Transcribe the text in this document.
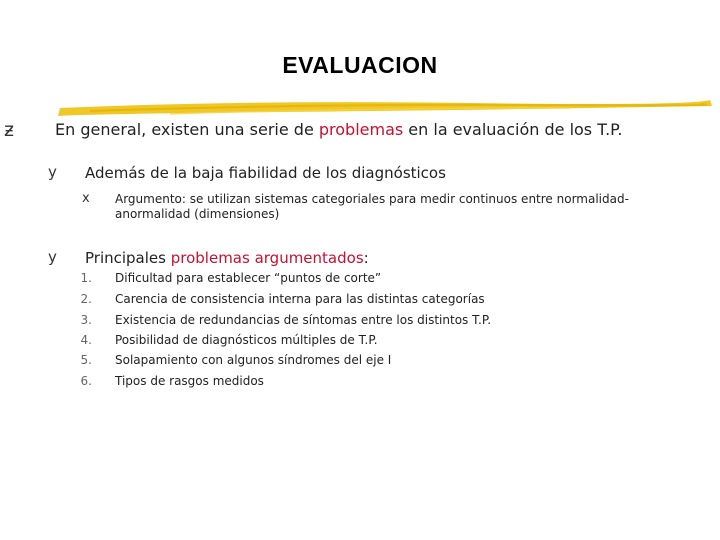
EVALUACION
ƶ	En general, existen una serie de problemas en la evaluación de los T.P.
y Además de la baja fiabilidad de los diagnósticos
x Argumento: se utilizan sistemas categoriales para medir continuos entre normalidad-
anormalidad (dimensiones)
y Principales problemas argumentados:
1. Dificultad para establecer “puntos de corte”
2. Carencia de consistencia interna para las distintas categorías
3. Existencia de redundancias de síntomas entre los distintos T.P.
4. Posibilidad de diagnósticos múltiples de T.P.
5. Solapamiento con algunos síndromes del eje I
6. Tipos de rasgos medidos
